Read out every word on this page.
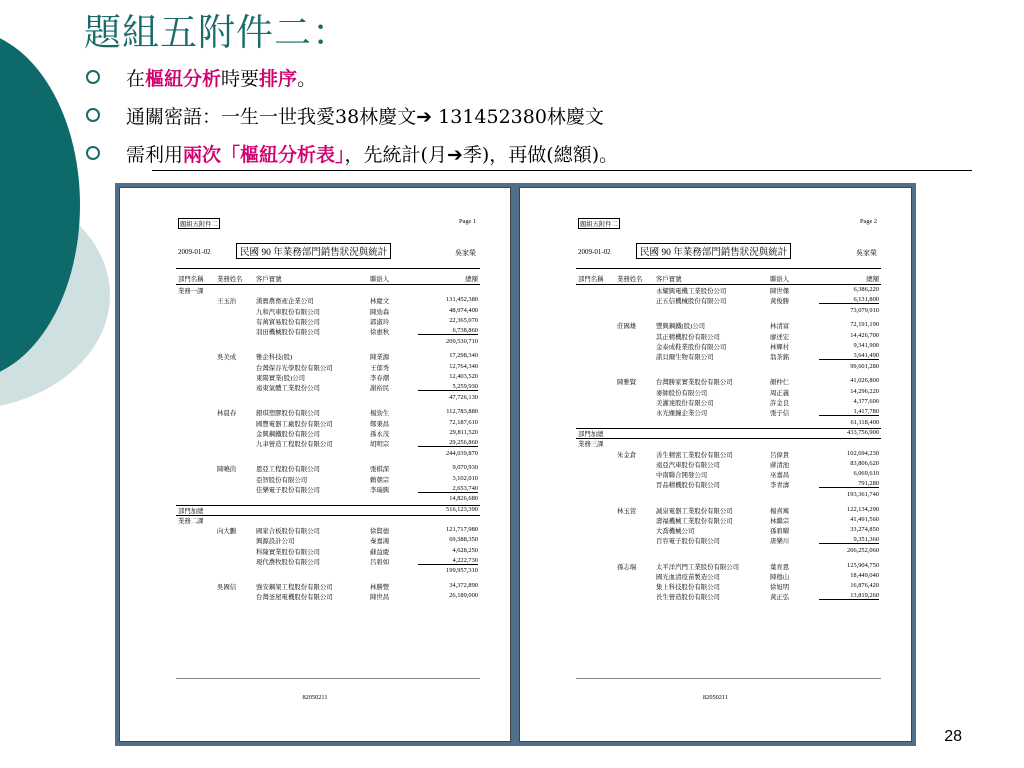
題組五附件二：
在樞紐分析時要排序。
通關密語：一生一世我愛38林慶文➔ 131452380林慶文
需利用兩次「樞紐分析表」，先統計(月➔季)，再做(總額)。
題組五附件二	Page 1
2009-01-02	民國 90 年業務部門銷售狀況與統計	吳家榮
部門名稱 業務姓名 客戶寶號	聯絡人	總額
業務一課
王玉治	漢寶農畜產企業公司	林慶文	131,452,380
九和汽車股份有限公司	陳勁森	48,974,400
有萬貿易股份有限公司	郭淑玲	22,365,070
羽田機械股份有限公司	徐惠秋	6,738,860
209,530,710
吳美成	雅企科技(股)	陳業源	17,298,340
台灣保谷光學股份有限公司	王郁秀	12,764,340
東陽實業(股)公司	李春潮	12,403,520
遠東氣體工業股份公司	謝裕民	5,259,930
47,726,130
林晨春	銀琪塑膠股份有限公司	楊勁生	112,783,880
國豐電器工廠股份有限公司	鄭秉昌	72,187,610
金興鋼鐵股份有限公司	孫永茂	29,811,520
九聿營造工程股份有限公司	胡明宗	29,256,860
244,039,870
陳曉茵	恩亞工程股份有限公司	張棋深	9,070,930
亞智股份有限公司	賴朝宗	3,102,010
佳樂電子股份有限公司	李瑞興	2,653,740
14,826,680
部門加總	516,123,390
業務二課
向大鵬	國家合板股份有限公司	徐賢德	121,717,980
興源設計公司	秦嘉鴻	69,388,350
科隆實業股份有限公司	蘇益慶	4,628,250
現代農牧股份有限公司	呂碧如	4,222,730
199,957,310
吳國信	強安鋼架工程股份有限公司	林勝豐	34,372,890
台灣釜屋電機股份有限公司	陳世昌	26,189,000
82050211
題組五附件二	Page 2
2009-01-02	民國 90 年業務部門銷售狀況與統計	吳家榮
部門名稱 業務姓名 客戶寶號	聯絡人	總額
永耀興電機工業股份公司	陳世傑	6,386,220
正五信機械股份有限公司	黃俊勝	6,131,800
73,079,910
莊國雄	豐興鋼鐵(股)公司	林清富	72,191,190
其正精機股份有限公司	廖述宏	14,426,700
金泰成鞋業股份有限公司	林輝村	9,341,900
諾貝爾生物有限公司	翁茶銘	3,641,490
99,601,280
陳雅賢	台灣勝家實業股份有限公司	顏仲仁	41,026,800
麥帥股份有限公司	周正義	14,296,220
美灌達股份有限公司	許金良	4,377,600
永光塵鐘企業公司	張子信	1,417,780
61,118,400
部門加總	433,756,900
業務三課
朱金倉	善生精密工業股份有限公司	呂偉貴	102,694,230
遠亞汽車股份有限公司	蔣清池	83,806,620
中南聯合開發公司	巫嘉昌	6,069,610
晉品精機股份有限公司	李青濤	791,280
193,361,740
林玉萱	誠泉電器工業股份有限公司	楊喜寓	122,134,290
壽福機械工業股份有限公司	林繼宗	41,491,560
大喬機械公司	孫碧曜	33,274,850
百容電子股份有限公司	唐樂川	9,351,360
206,252,060
孫志端	太平洋汽門工業股份有限公司	葉育恩	125,904,750
國光血清疫苗製造公司	陳穆山	18,449,040
集上科技股份有限公司	徐旭明	16,876,420
長生營造股份有限公司	黃正弘	13,819,260
82050211
28
